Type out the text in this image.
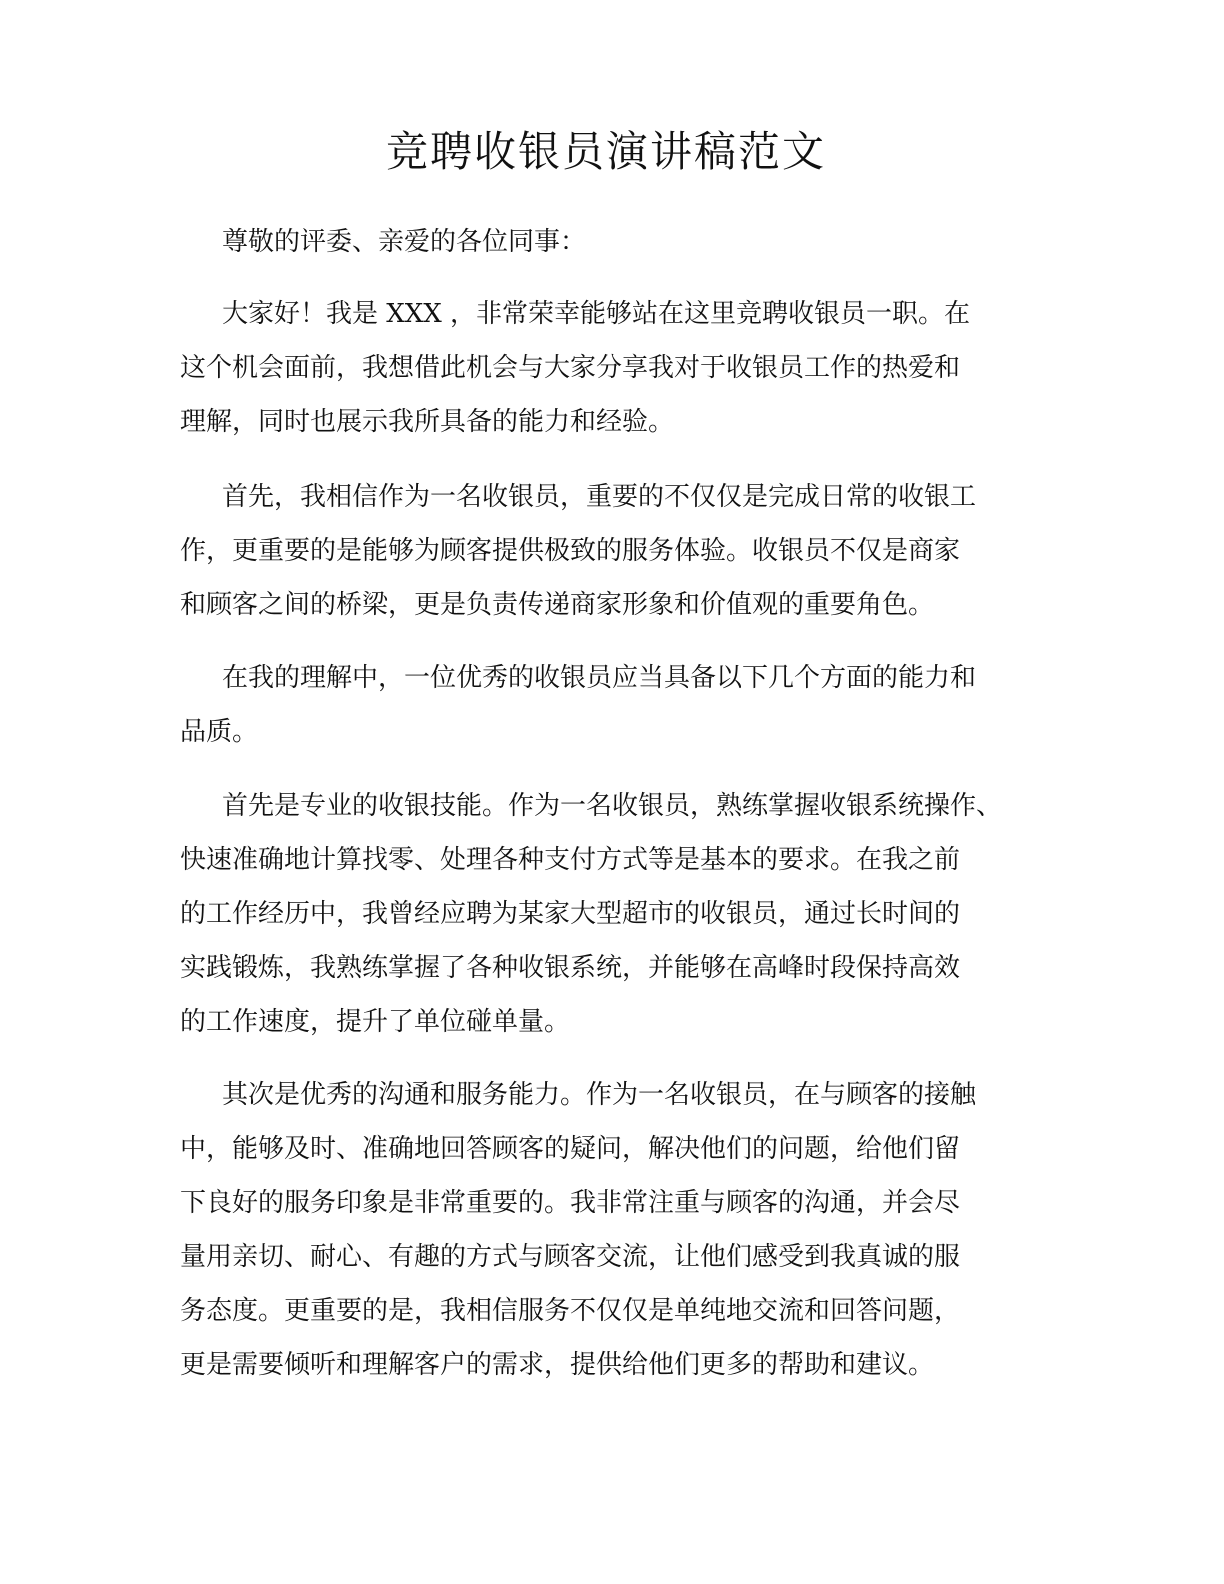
竞聘收银员演讲稿范文

尊敬的评委、亲爱的各位同事：

大家好！我是 XXX ，非常荣幸能够站在这里竞聘收银员一职。在

这个机会面前，我想借此机会与大家分享我对于收银员工作的热爱和

理解，同时也展示我所具备的能力和经验。

首先，我相信作为一名收银员，重要的不仅仅是完成日常的收银工

作，更重要的是能够为顾客提供极致的服务体验。收银员不仅是商家

和顾客之间的桥梁，更是负责传递商家形象和价值观的重要角色。

在我的理解中，一位优秀的收银员应当具备以下几个方面的能力和

品质。

首先是专业的收银技能。作为一名收银员，熟练掌握收银系统操作、

快速准确地计算找零、处理各种支付方式等是基本的要求。在我之前

的工作经历中，我曾经应聘为某家大型超市的收银员，通过长时间的

实践锻炼，我熟练掌握了各种收银系统，并能够在高峰时段保持高效

的工作速度，提升了单位碰单量。

其次是优秀的沟通和服务能力。作为一名收银员，在与顾客的接触

中，能够及时、准确地回答顾客的疑问，解决他们的问题，给他们留

下良好的服务印象是非常重要的。我非常注重与顾客的沟通，并会尽

量用亲切、耐心、有趣的方式与顾客交流，让他们感受到我真诚的服

务态度。更重要的是，我相信服务不仅仅是单纯地交流和回答问题，

更是需要倾听和理解客户的需求，提供给他们更多的帮助和建议。
